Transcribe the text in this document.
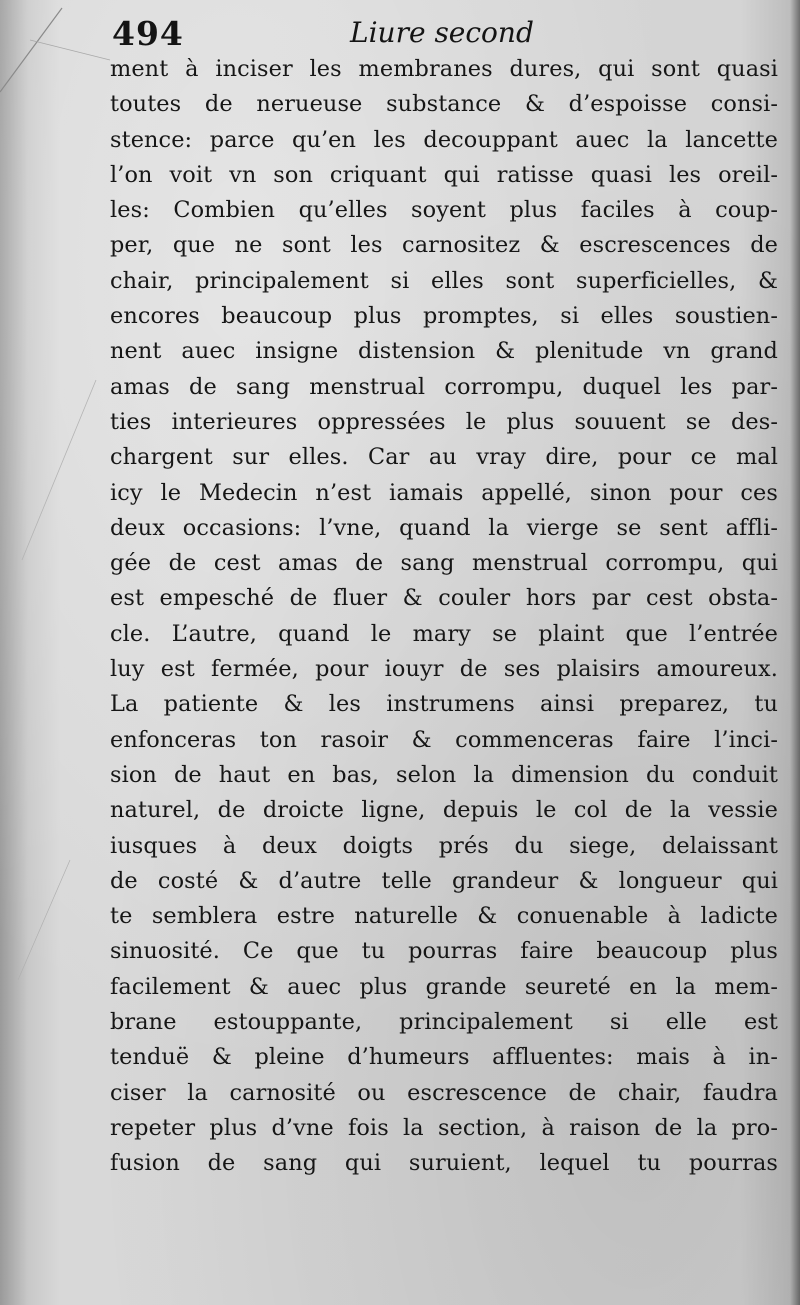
494	Liure second
ment à inciser les membranes dures, qui sont quasi
toutes de nerueuse substance & d’espoisse consi-
stence: parce qu’en les decouppant auec la lancette
l’on voit vn son criquant qui ratisse quasi les oreil-
les: Combien qu’elles soyent plus faciles à coup-
per, que ne sont les carnositez & escrescences de
chair, principalement si elles sont superficielles, &
encores beaucoup plus promptes, si elles soustien-
nent auec insigne distension & plenitude vn grand
amas de sang menstrual corrompu, duquel les par-
ties interieures oppressées le plus souuent se des-
chargent sur elles. Car au vray dire, pour ce mal
icy le Medecin n’est iamais appellé, sinon pour ces
deux occasions: l’vne, quand la vierge se sent affli-
gée de cest amas de sang menstrual corrompu, qui
est empesché de fluer & couler hors par cest obsta-
cle. L’autre, quand le mary se plaint que l’entrée
luy est fermée, pour iouyr de ses plaisirs amoureux.
La patiente & les instrumens ainsi preparez, tu
enfonceras ton rasoir & commenceras faire l’inci-
sion de haut en bas, selon la dimension du conduit
naturel, de droicte ligne, depuis le col de la vessie
iusques à deux doigts prés du siege, delaissant
de costé & d’autre telle grandeur & longueur qui
te semblera estre naturelle & conuenable à ladicte
sinuosité. Ce que tu pourras faire beaucoup plus
facilement & auec plus grande seureté en la mem-
brane estouppante, principalement si elle est
tenduë & pleine d’humeurs affluentes: mais à in-
ciser la carnosité ou escrescence de chair, faudra
repeter plus d’vne fois la section, à raison de la pro-
fusion de sang qui suruient, lequel tu pourras
